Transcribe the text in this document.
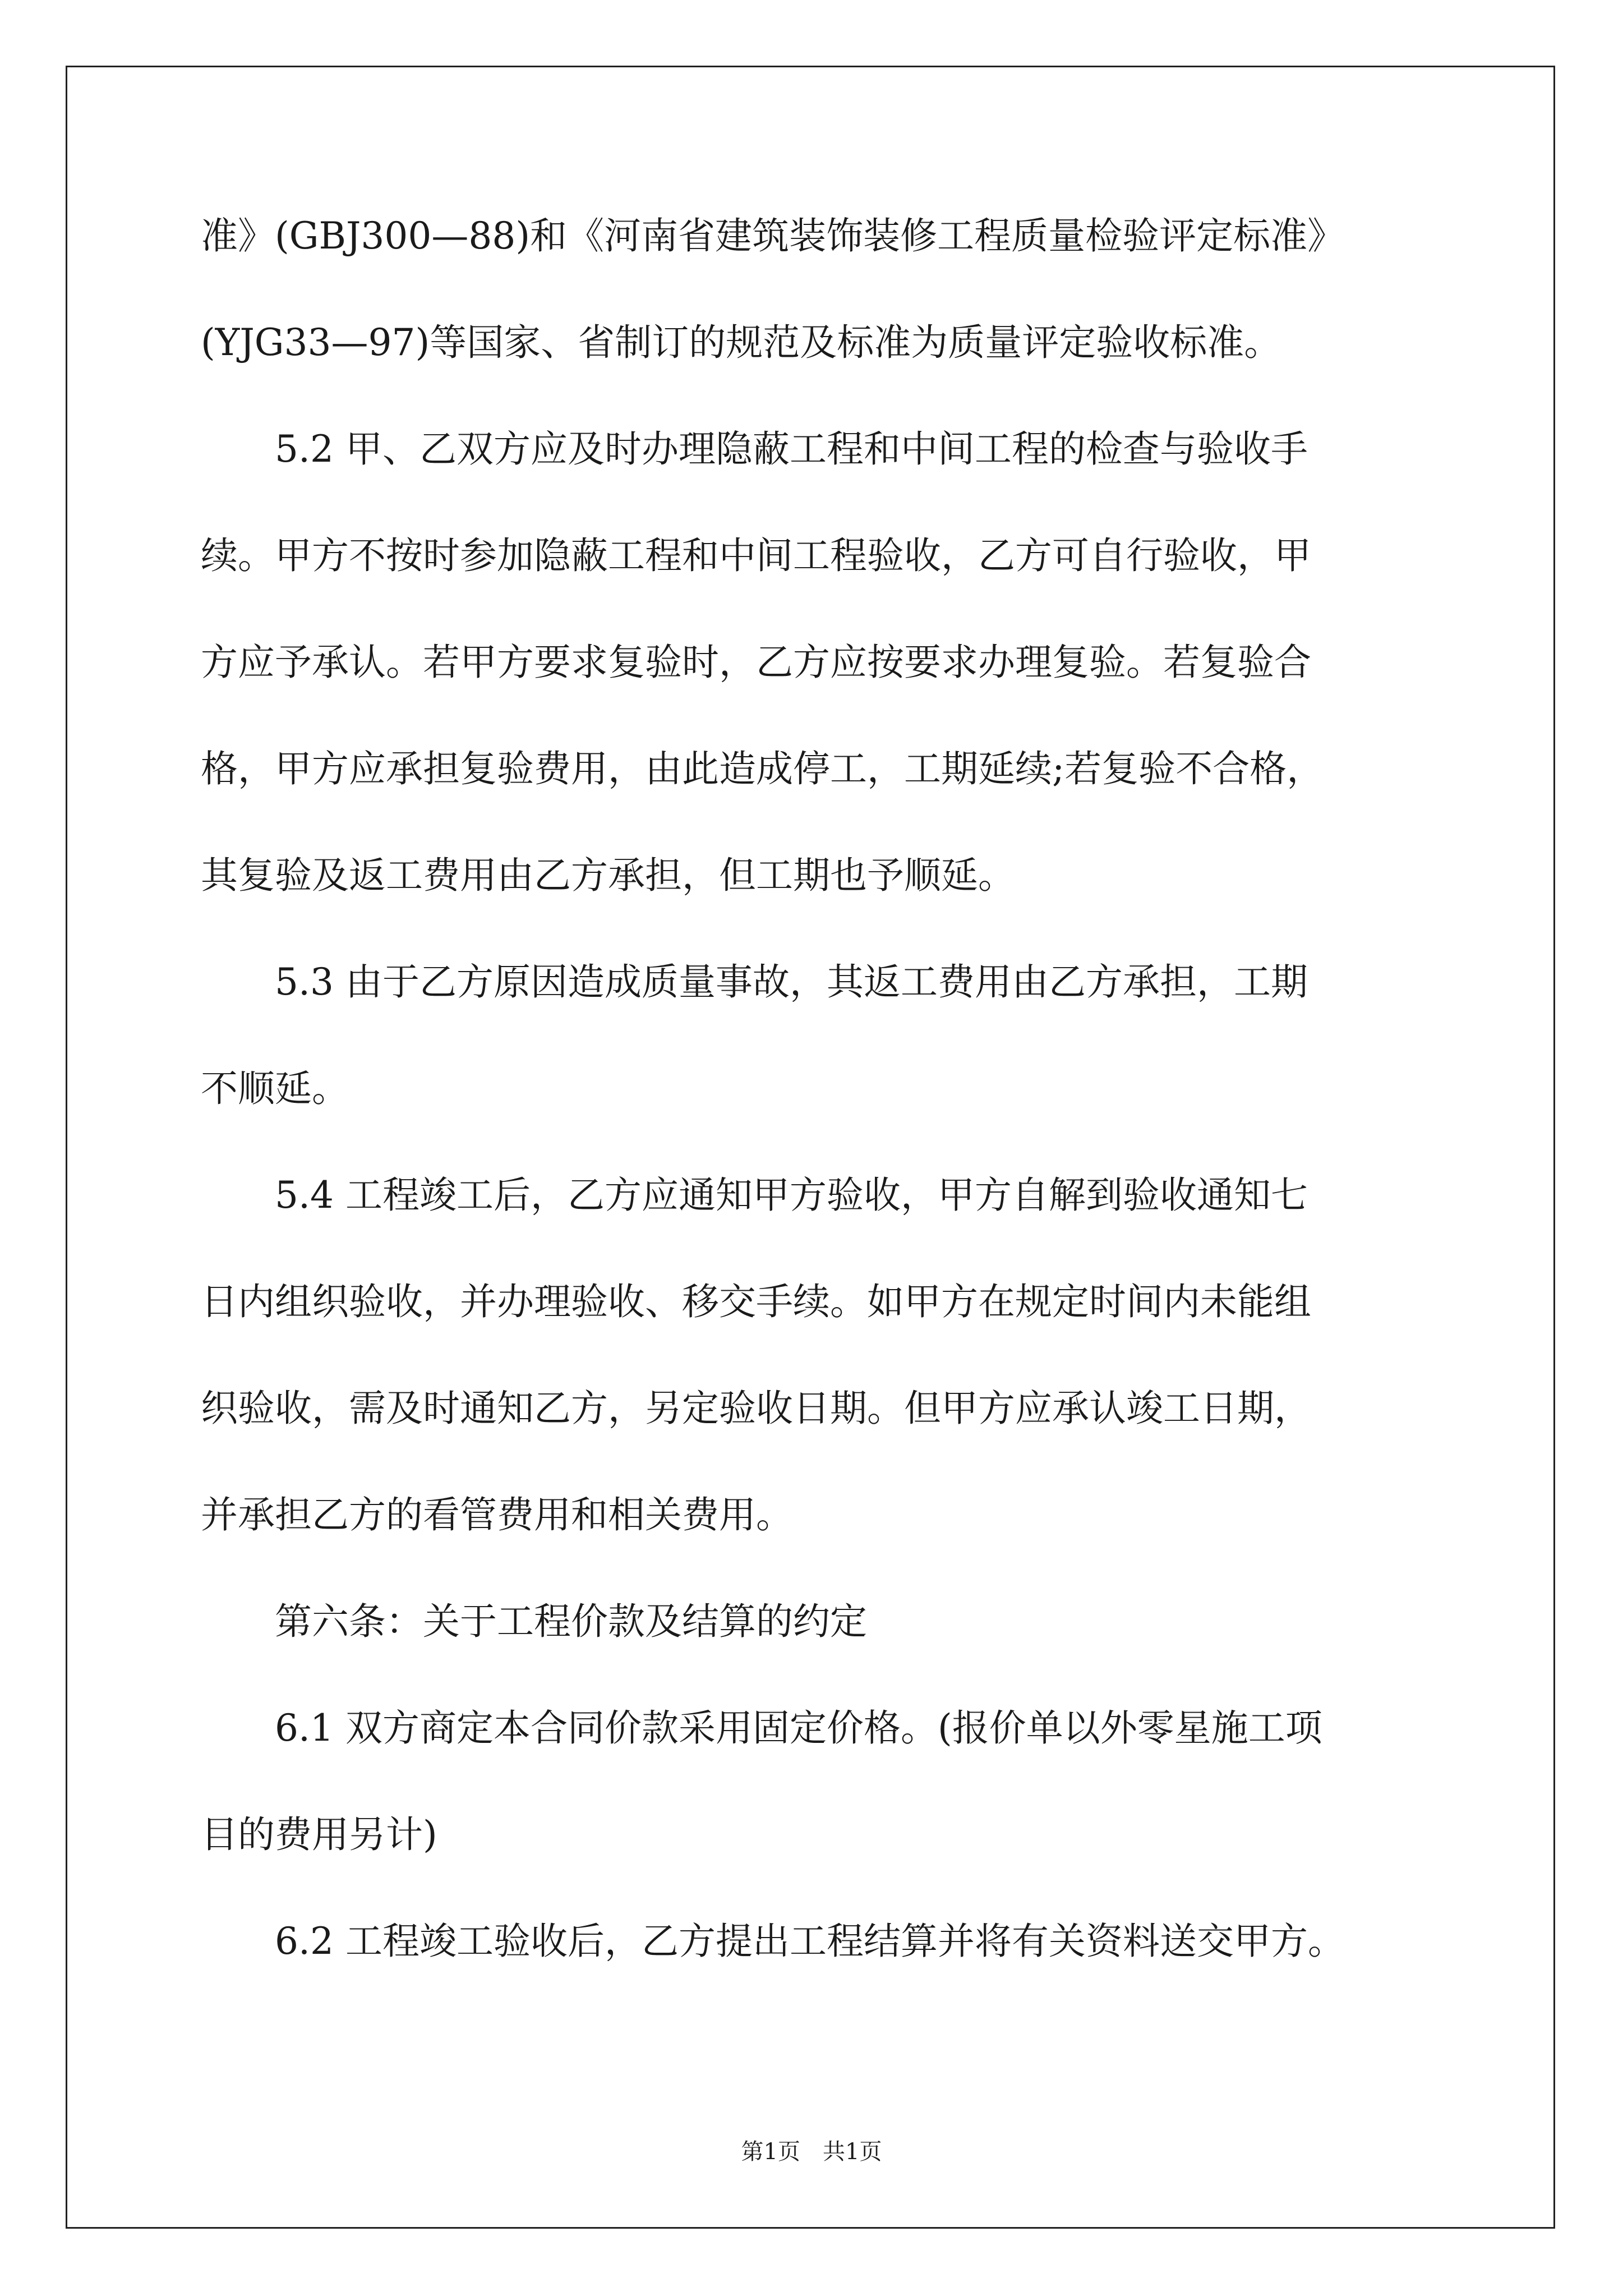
准》(GBJ300—88)和《河南省建筑装饰装修工程质量检验评定标准》
(YJG33—97)等国家、省制订的规范及标准为质量评定验收标准。
5.2 甲、乙双方应及时办理隐蔽工程和中间工程的检查与验收手
续。甲方不按时参加隐蔽工程和中间工程验收，乙方可自行验收，甲
方应予承认。若甲方要求复验时，乙方应按要求办理复验。若复验合
格，甲方应承担复验费用，由此造成停工，工期延续;若复验不合格，
其复验及返工费用由乙方承担，但工期也予顺延。
5.3 由于乙方原因造成质量事故，其返工费用由乙方承担，工期
不顺延。
5.4 工程竣工后，乙方应通知甲方验收，甲方自解到验收通知七
日内组织验收，并办理验收、移交手续。如甲方在规定时间内未能组
织验收，需及时通知乙方，另定验收日期。但甲方应承认竣工日期，
并承担乙方的看管费用和相关费用。
第六条：关于工程价款及结算的约定
6.1 双方商定本合同价款采用固定价格。(报价单以外零星施工项
目的费用另计)
6.2 工程竣工验收后，乙方提出工程结算并将有关资料送交甲方。
第1页　共1页
